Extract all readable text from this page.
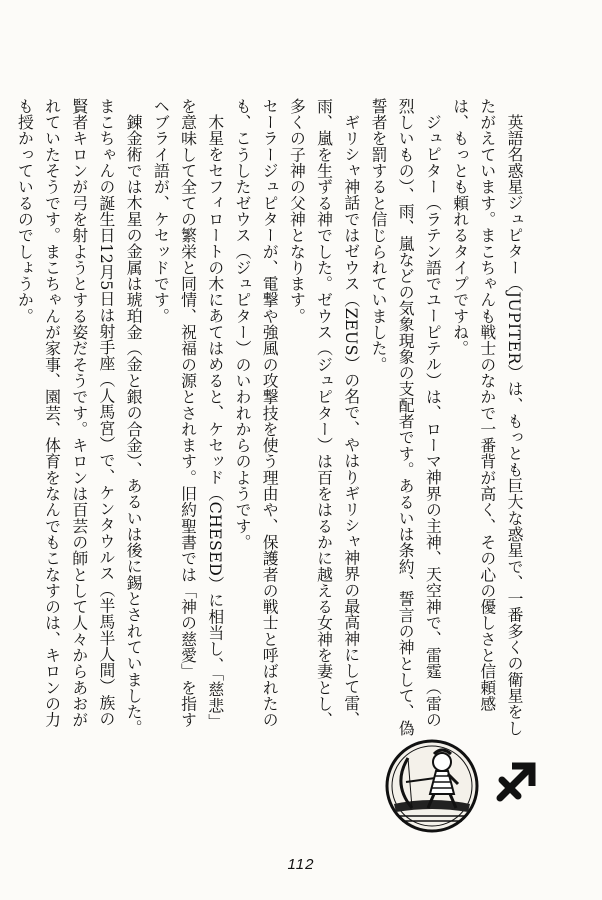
英語名惑星ジュピター（JUPITER）は、もっとも巨大な惑星で、一番多くの衛星をしたがえています。まこちゃんも戦士のなかで一番背が高く、その心の優しさと信頼感は、もっとも頼れるタイプですね。

ジュピター（ラテン語でユーピテル）は、ローマ神界の主神、天空神で、雷霆（雷の烈しいもの）、雨、嵐などの気象現象の支配者です。あるいは条約、誓言の神として、偽誓者を罰すると信じられていました。

ギリシャ神話ではゼウス（ZEUS）の名で、やはりギリシャ神界の最高神にして雷、雨、嵐を生ずる神でした。ゼウス（ジュピター）は百をはるかに越える女神を妻とし、多くの子神の父神となります。

セーラージュピターが、電撃や強風の攻撃技を使う理由や、保護者の戦士と呼ばれたのも、こうしたゼウス（ジュピター）のいわれからのようです。

木星をセフィロートの木にあてはめると、ケセッド（CHESED）に相当し、「慈悲」を意味して全ての繁栄と同情、祝福の源とされます。旧約聖書では「神の慈愛」を指すヘブライ語が、ケセッドです。

錬金術では木星の金属は琥珀金（金と銀の合金）、あるいは後に錫とされていました。

まこちゃんの誕生日12月5日は射手座（人馬宮）で、ケンタウルス（半馬半人間）族の賢者キロンが弓を射ようとする姿だそうです。キロンは百芸の師として人々からあおがれていたそうです。まこちゃんが家事、園芸、体育をなんでもこなすのは、キロンの力も授かっているのでしょうか。

112
